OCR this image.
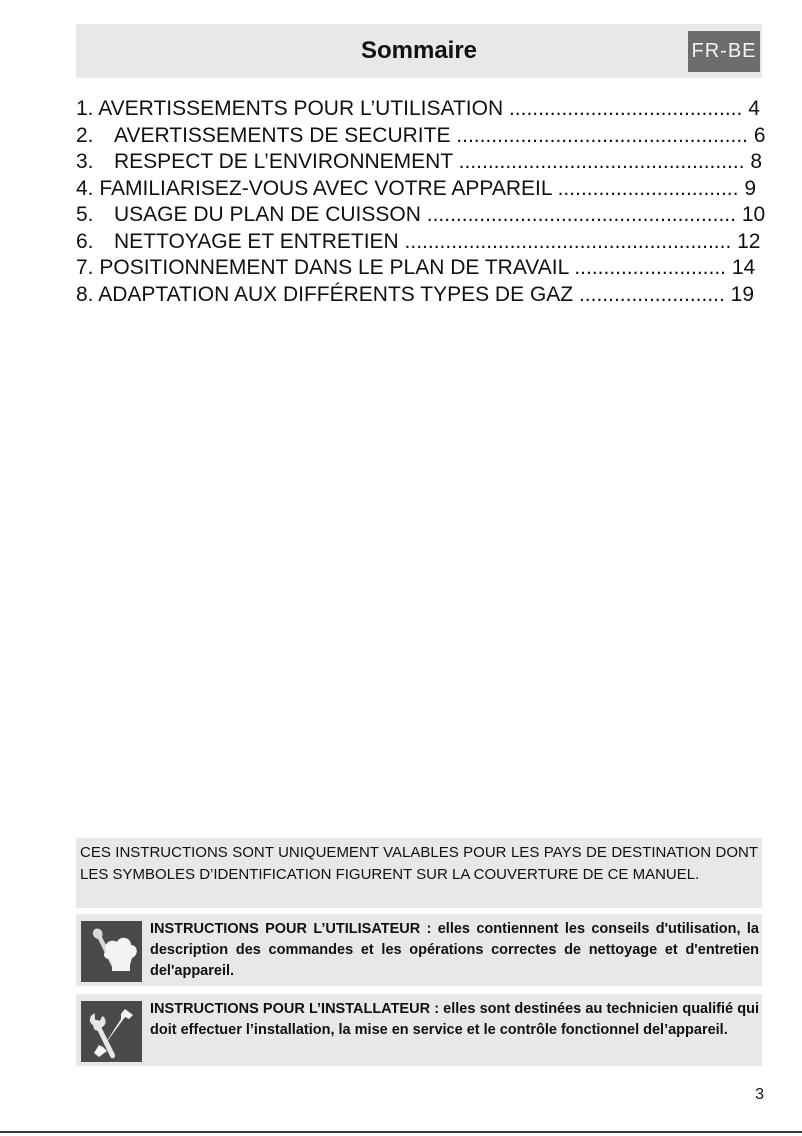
Sommaire	FR-BE
1. AVERTISSEMENTS POUR L’UTILISATION ........................................ 4
2. AVERTISSEMENTS DE SECURITE .................................................. 6
3. RESPECT DE L’ENVIRONNEMENT ................................................. 8
4. FAMILIARISEZ-VOUS AVEC VOTRE APPAREIL ............................... 9
5. USAGE DU PLAN DE CUISSON ..................................................... 10
6. NETTOYAGE ET ENTRETIEN ........................................................ 12
7. POSITIONNEMENT DANS LE PLAN DE TRAVAIL .......................... 14
8. ADAPTATION AUX DIFFÉRENTS TYPES DE GAZ ......................... 19
CES INSTRUCTIONS SONT UNIQUEMENT VALABLES POUR LES PAYS DE DESTINATION DONT LES SYMBOLES D’IDENTIFICATION FIGURENT SUR LA COUVERTURE DE CE MANUEL.
INSTRUCTIONS POUR L’UTILISATEUR : elles contiennent les conseils d'utilisation, la description des commandes et les opérations correctes de nettoyage et d'entretien del'appareil.
INSTRUCTIONS POUR L’INSTALLATEUR : elles sont destinées au technicien qualifié qui doit effectuer l’installation, la mise en service et le contrôle fonctionnel del’appareil.
3
